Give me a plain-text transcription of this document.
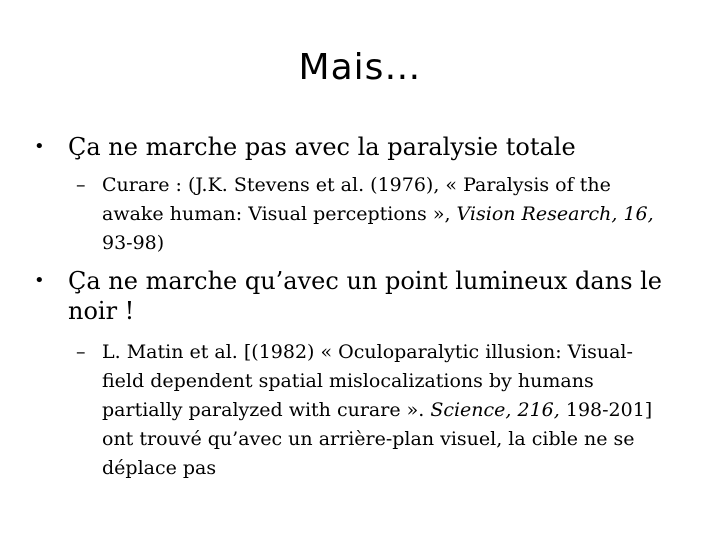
Mais…
• Ça ne marche pas avec la paralysie totale
– Curare : (J.K. Stevens et al. (1976), « Paralysis of the awake human: Visual perceptions », Vision Research, 16, 93-98)
• Ça ne marche qu’avec un point lumineux dans le noir !
– L. Matin et al. [(1982) « Oculoparalytic illusion: Visual-field dependent spatial mislocalizations by humans partially paralyzed with curare ». Science, 216, 198-201] ont trouvé qu’avec un arrière-plan visuel, la cible ne se déplace pas
